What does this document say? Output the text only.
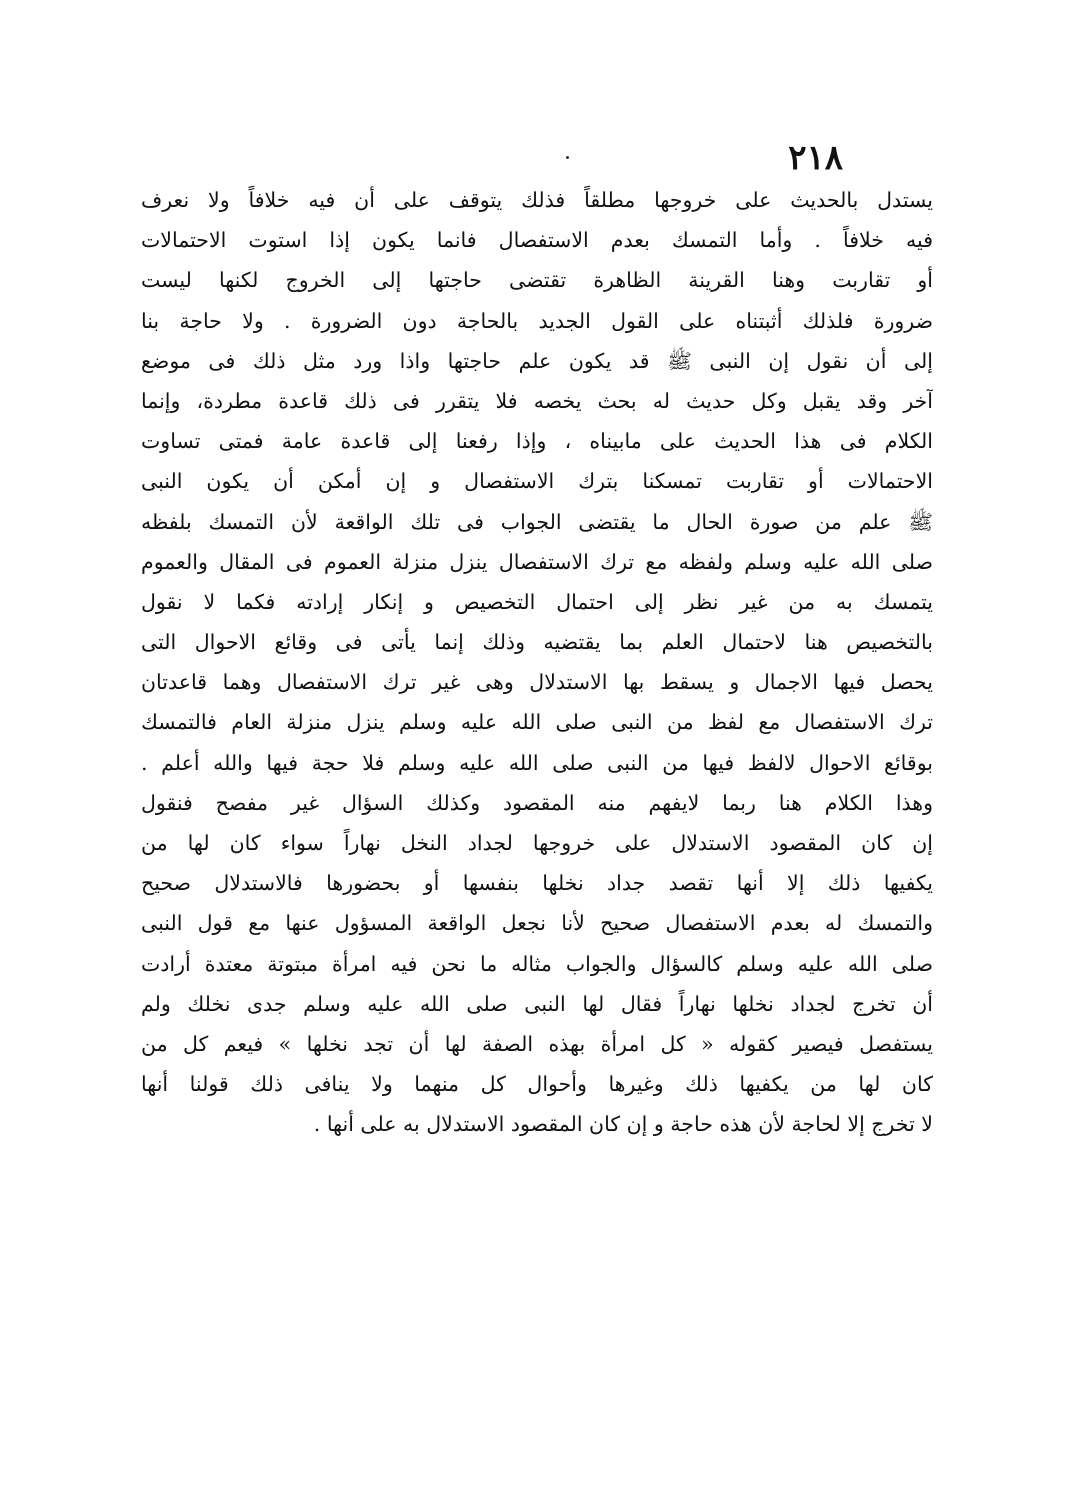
٢١٨
يستدل بالحديث على خروجها مطلقاً فذلك يتوقف على أن فيه خلافاً ولا نعرف
فيه خلافاً . وأما التمسك بعدم الاستفصال فانما يكون إذا استوت الاحتمالات
أو تقاربت وهنا القرينة الظاهرة تقتضى حاجتها إلى الخروج لكنها ليست
ضرورة فلذلك أثبتناه على القول الجديد بالحاجة دون الضرورة . ولا حاجة بنا
إلى أن نقول إن النبى ﷺ قد يكون علم حاجتها واذا ورد مثل ذلك فى موضع
آخر وقد يقبل وكل حديث له بحث يخصه فلا يتقرر فى ذلك قاعدة مطردة، وإنما
الكلام فى هذا الحديث على مابيناه ، وإذا رفعنا إلى قاعدة عامة فمتى تساوت
الاحتمالات أو تقاربت تمسكنا بترك الاستفصال و إن أمكن أن يكون النبى
ﷺ علم من صورة الحال ما يقتضى الجواب فى تلك الواقعة لأن التمسك بلفظه
صلى الله عليه وسلم ولفظه مع ترك الاستفصال ينزل منزلة العموم فى المقال والعموم
يتمسك به من غير نظر إلى احتمال التخصيص و إنكار إرادته فكما لا نقول
بالتخصيص هنا لاحتمال العلم بما يقتضيه وذلك إنما يأتى فى وقائع الاحوال التى
يحصل فيها الاجمال و يسقط بها الاستدلال وهى غير ترك الاستفصال وهما قاعدتان
ترك الاستفصال مع لفظ من النبى صلى الله عليه وسلم ينزل منزلة العام فالتمسك
بوقائع الاحوال لالفظ فيها من النبى صلى الله عليه وسلم فلا حجة فيها والله أعلم .
وهذا الكلام هنا ربما لايفهم منه المقصود وكذلك السؤال غير مفصح فنقول
إن كان المقصود الاستدلال على خروجها لجداد النخل نهاراً سواء كان لها من
يكفيها ذلك إلا أنها تقصد جداد نخلها بنفسها أو بحضورها فالاستدلال صحيح
والتمسك له بعدم الاستفصال صحيح لأنا نجعل الواقعة المسؤول عنها مع قول النبى
صلى الله عليه وسلم كالسؤال والجواب مثاله ما نحن فيه امرأة مبتوتة معتدة أرادت
أن تخرج لجداد نخلها نهاراً فقال لها النبى صلى الله عليه وسلم جدى نخلك ولم
يستفصل فيصير كقوله « كل امرأة بهذه الصفة لها أن تجد نخلها » فيعم كل من
كان لها من يكفيها ذلك وغيرها وأحوال كل منهما ولا ينافى ذلك قولنا أنها
لا تخرج إلا لحاجة لأن هذه حاجة و إن كان المقصود الاستدلال به على أنها .
